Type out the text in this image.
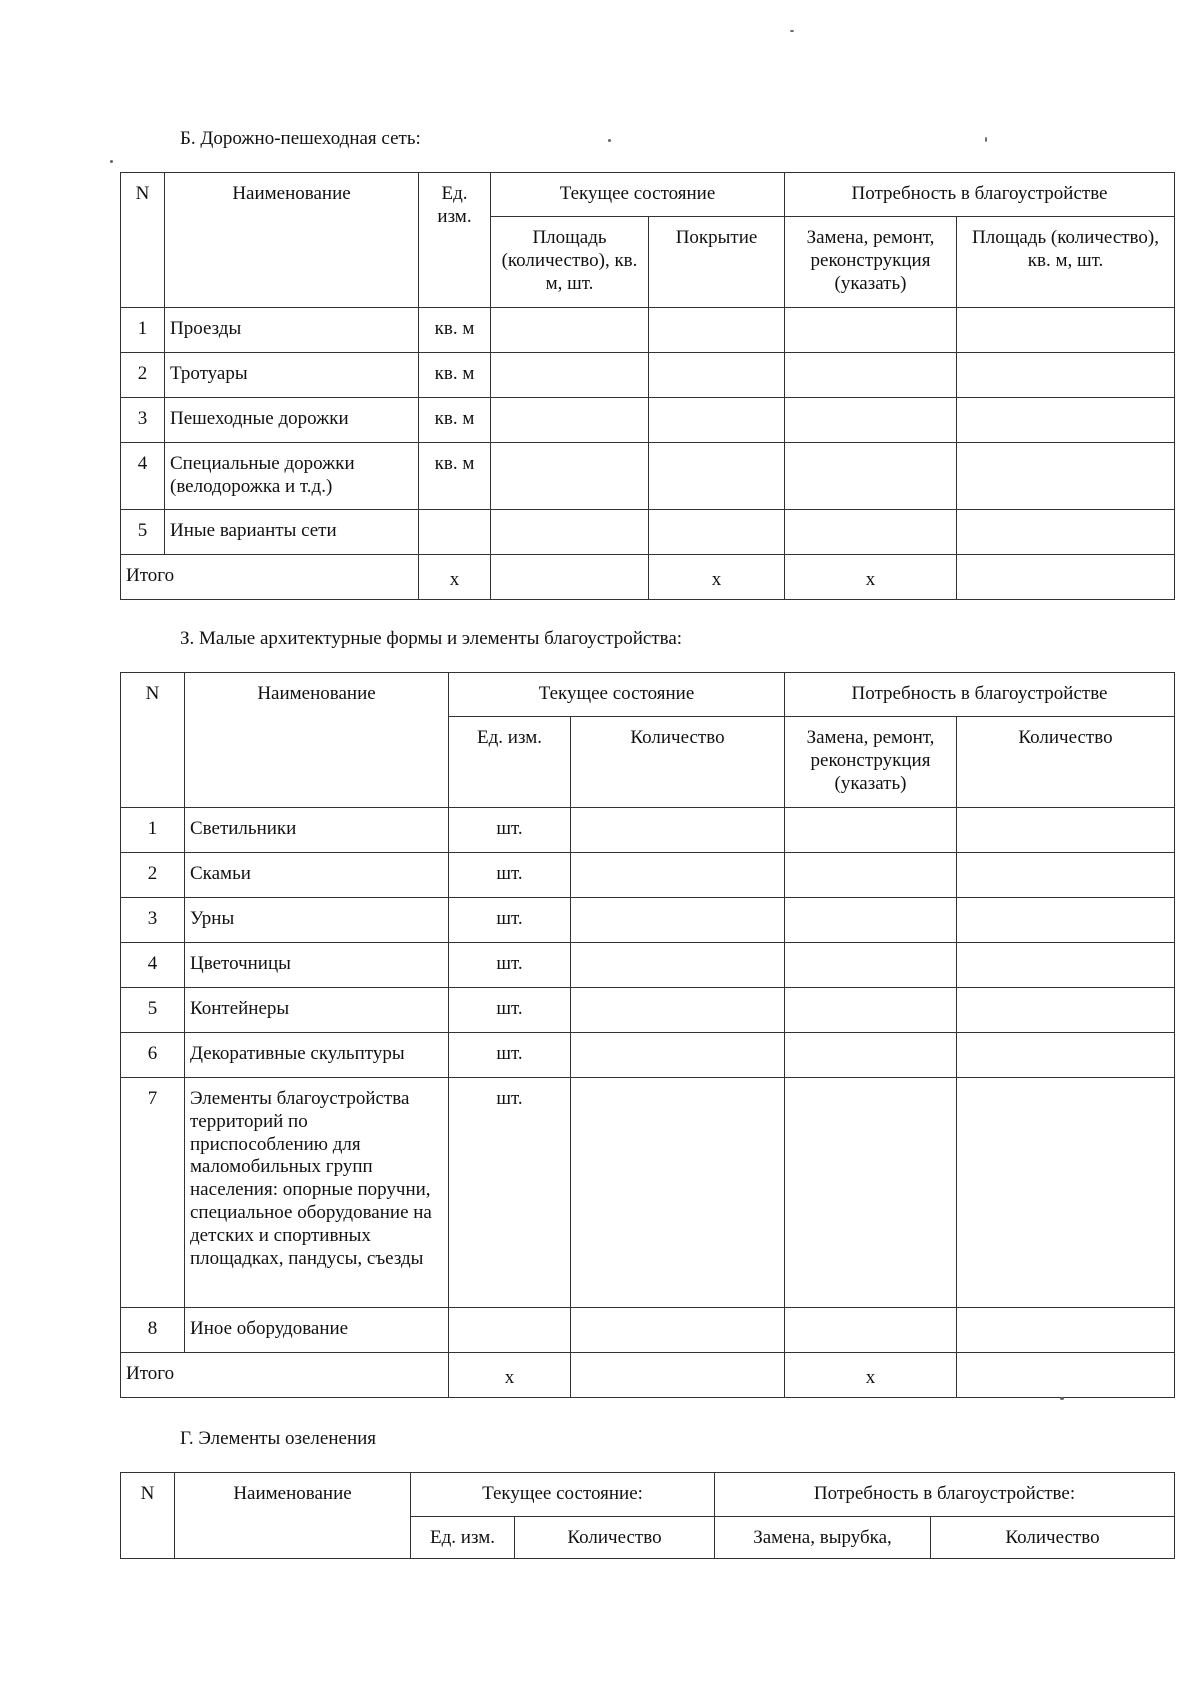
Б. Дорожно-пешеходная сеть:
N	Наименование	Ед. изм.	Текущее состояние		Потребность в благоустройстве	
			Площадь (количество), кв. м, шт.	Покрытие	Замена, ремонт, реконструкция (указать)	Площадь (количество), кв. м, шт.
1	Проезды	кв. м				
2	Тротуары	кв. м				
3	Пешеходные дорожки	кв. м				
4	Специальные дорожки (велодорожка и т.д.)	кв. м				
5	Иные варианты сети					
Итого		x		x	x	
З. Малые архитектурные формы и элементы благоустройства:
N	Наименование	Текущее состояние		Потребность в благоустройстве	
		Ед. изм.	Количество	Замена, ремонт, реконструкция (указать)	Количество
1	Светильники	шт.			
2	Скамьи	шт.			
3	Урны	шт.			
4	Цветочницы	шт.			
5	Контейнеры	шт.			
6	Декоративные скульптуры	шт.			
7	Элементы благоустройства территорий по приспособлению для маломобильных групп населения: опорные поручни, специальное оборудование на детских и спортивных площадках, пандусы, съезды	шт.			
8	Иное оборудование				
Итого		x		x	
Г. Элементы озеленения
N	Наименование	Текущее состояние:		Потребность в благоустройстве:	
		Ед. изм.	Количество	Замена, вырубка,	Количество
